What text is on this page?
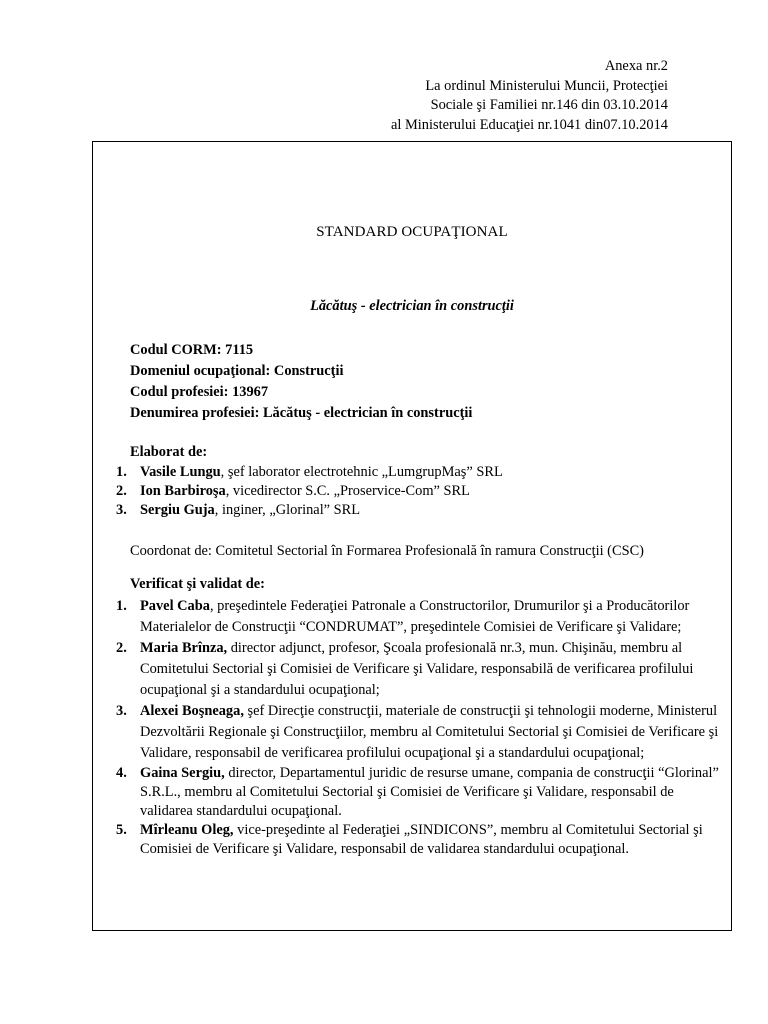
Anexa nr.2
La ordinul Ministerului Muncii, Protecţiei
Sociale şi Familiei nr.146 din 03.10.2014
al Ministerului Educaţiei nr.1041 din07.10.2014
STANDARD OCUPAŢIONAL
Lăcătuş - electrician în construcţii
Codul CORM: 7115
Domeniul ocupaţional: Construcţii
Codul profesiei: 13967
Denumirea profesiei: Lăcătuş - electrician în construcţii
Elaborat de:
1. Vasile Lungu, şef laborator electrotehnic „LumgrupMaş” SRL
2. Ion Barbiroşa, vicedirector S.C. „Proservice-Com” SRL
3. Sergiu Guja, inginer, „Glorinal” SRL
Coordonat de: Comitetul Sectorial în Formarea Profesională în ramura Construcţii (CSC)
Verificat şi validat de:
1. Pavel Caba, preşedintele Federaţiei Patronale a Constructorilor, Drumurilor şi a Producătorilor Materialelor de Construcţii “CONDRUMAT”, preşedintele Comisiei de Verificare şi Validare;
2. Maria Brînza, director adjunct, profesor, Şcoala profesională nr.3, mun. Chişinău, membru al Comitetului Sectorial şi Comisiei de Verificare şi Validare, responsabilă de verificarea profilului ocupaţional şi a standardului ocupaţional;
3. Alexei Boşneaga, şef Direcţie construcţii, materiale de construcţii şi tehnologii moderne, Ministerul Dezvoltării Regionale şi Construcţiilor, membru al Comitetului Sectorial şi Comisiei de Verificare şi Validare, responsabil de verificarea profilului ocupaţional şi a standardului ocupaţional;
4. Gaina Sergiu, director, Departamentul juridic de resurse umane, compania de construcţii “Glorinal” S.R.L., membru al Comitetului Sectorial şi Comisiei de Verificare şi Validare, responsabil de validarea standardului ocupaţional.
5. Mîrleanu Oleg, vice-preşedinte al Federaţiei „SINDICONS”, membru al Comitetului Sectorial şi Comisiei de Verificare şi Validare, responsabil de validarea standardului ocupaţional.
